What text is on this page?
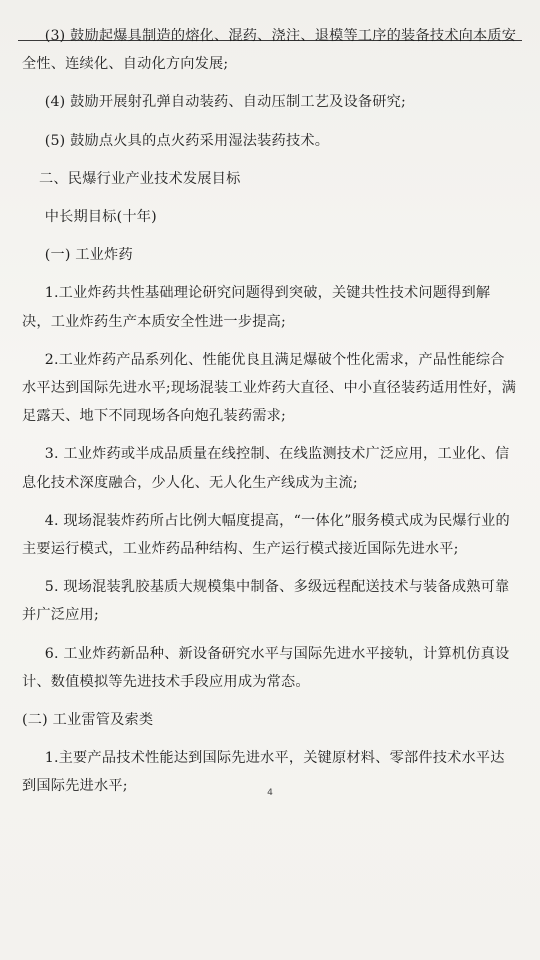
(3) 鼓励起爆具制造的熔化、混药、浇注、退模等工序的装备技术向本质安全性、连续化、自动化方向发展;

(4) 鼓励开展射孔弹自动装药、自动压制工艺及设备研究;

(5) 鼓励点火具的点火药采用湿法装药技术。

二、民爆行业产业技术发展目标

中长期目标(十年)

(一) 工业炸药

1.工业炸药共性基础理论研究问题得到突破，关键共性技术问题得到解决，工业炸药生产本质安全性进一步提高;

2.工业炸药产品系列化、性能优良且满足爆破个性化需求，产品性能综合水平达到国际先进水平;现场混装工业炸药大直径、中小直径装药适用性好，满足露天、地下不同现场各向炮孔装药需求;

3. 工业炸药或半成品质量在线控制、在线监测技术广泛应用，工业化、信息化技术深度融合，少人化、无人化生产线成为主流;

4. 现场混装炸药所占比例大幅度提高，“一体化”服务模式成为民爆行业的主要运行模式，工业炸药品种结构、生产运行模式接近国际先进水平;

5. 现场混装乳胶基质大规模集中制备、多级远程配送技术与装备成熟可靠并广泛应用;

6. 工业炸药新品种、新设备研究水平与国际先进水平接轨，计算机仿真设计、数值模拟等先进技术手段应用成为常态。

(二) 工业雷管及索类

1.主要产品技术性能达到国际先进水平，关键原材料、零部件技术水平达到国际先进水平;	4
